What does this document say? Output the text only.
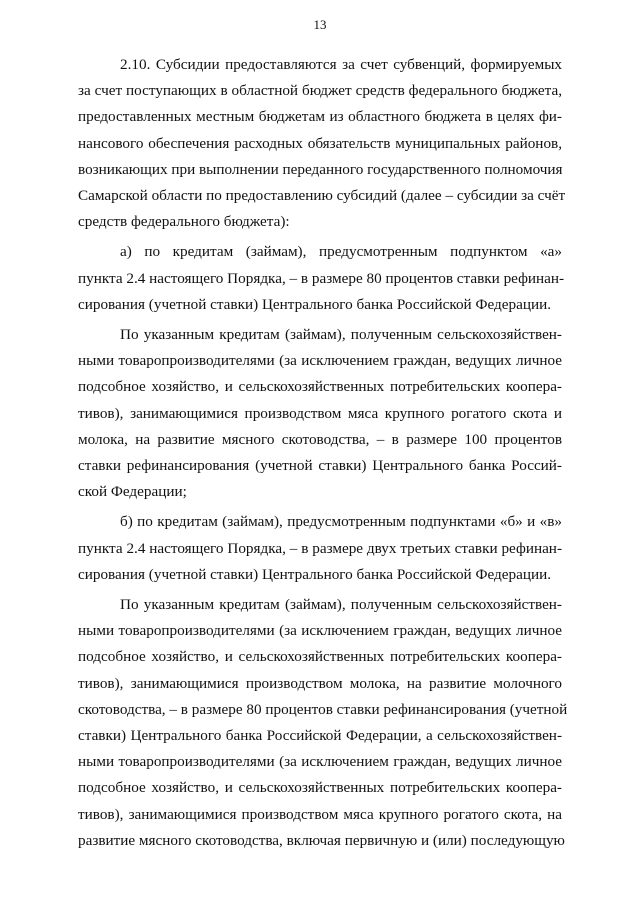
13
2.10. Субсидии предоставляются за счет субвенций, формируемых
за счет поступающих в областной бюджет средств федерального бюджета,
предоставленных местным бюджетам из областного бюджета в целях фи-
нансового обеспечения расходных обязательств муниципальных районов,
возникающих при выполнении переданного государственного полномочия
Самарской области по предоставлению субсидий (далее – субсидии за счёт
средств федерального бюджета):
а) по кредитам (займам), предусмотренным подпунктом «а»
пункта 2.4 настоящего Порядка, – в размере 80 процентов ставки рефинан-
сирования (учетной ставки) Центрального банка Российской Федерации.
По указанным кредитам (займам), полученным сельскохозяйствен-
ными товаропроизводителями (за исключением граждан, ведущих личное
подсобное хозяйство, и сельскохозяйственных потребительских коопера-
тивов), занимающимися производством мяса крупного рогатого скота и
молока, на развитие мясного скотоводства, – в размере 100 процентов
ставки рефинансирования (учетной ставки) Центрального банка Россий-
ской Федерации;
б) по кредитам (займам), предусмотренным подпунктами «б» и «в»
пункта 2.4 настоящего Порядка, – в размере двух третьих ставки рефинан-
сирования (учетной ставки) Центрального банка Российской Федерации.
По указанным кредитам (займам), полученным сельскохозяйствен-
ными товаропроизводителями (за исключением граждан, ведущих личное
подсобное хозяйство, и сельскохозяйственных потребительских коопера-
тивов), занимающимися производством молока, на развитие молочного
скотоводства, – в размере 80 процентов ставки рефинансирования (учетной
ставки) Центрального банка Российской Федерации, а сельскохозяйствен-
ными товаропроизводителями (за исключением граждан, ведущих личное
подсобное хозяйство, и сельскохозяйственных потребительских коопера-
тивов), занимающимися производством мяса крупного рогатого скота, на
развитие мясного скотоводства, включая первичную и (или) последующую
